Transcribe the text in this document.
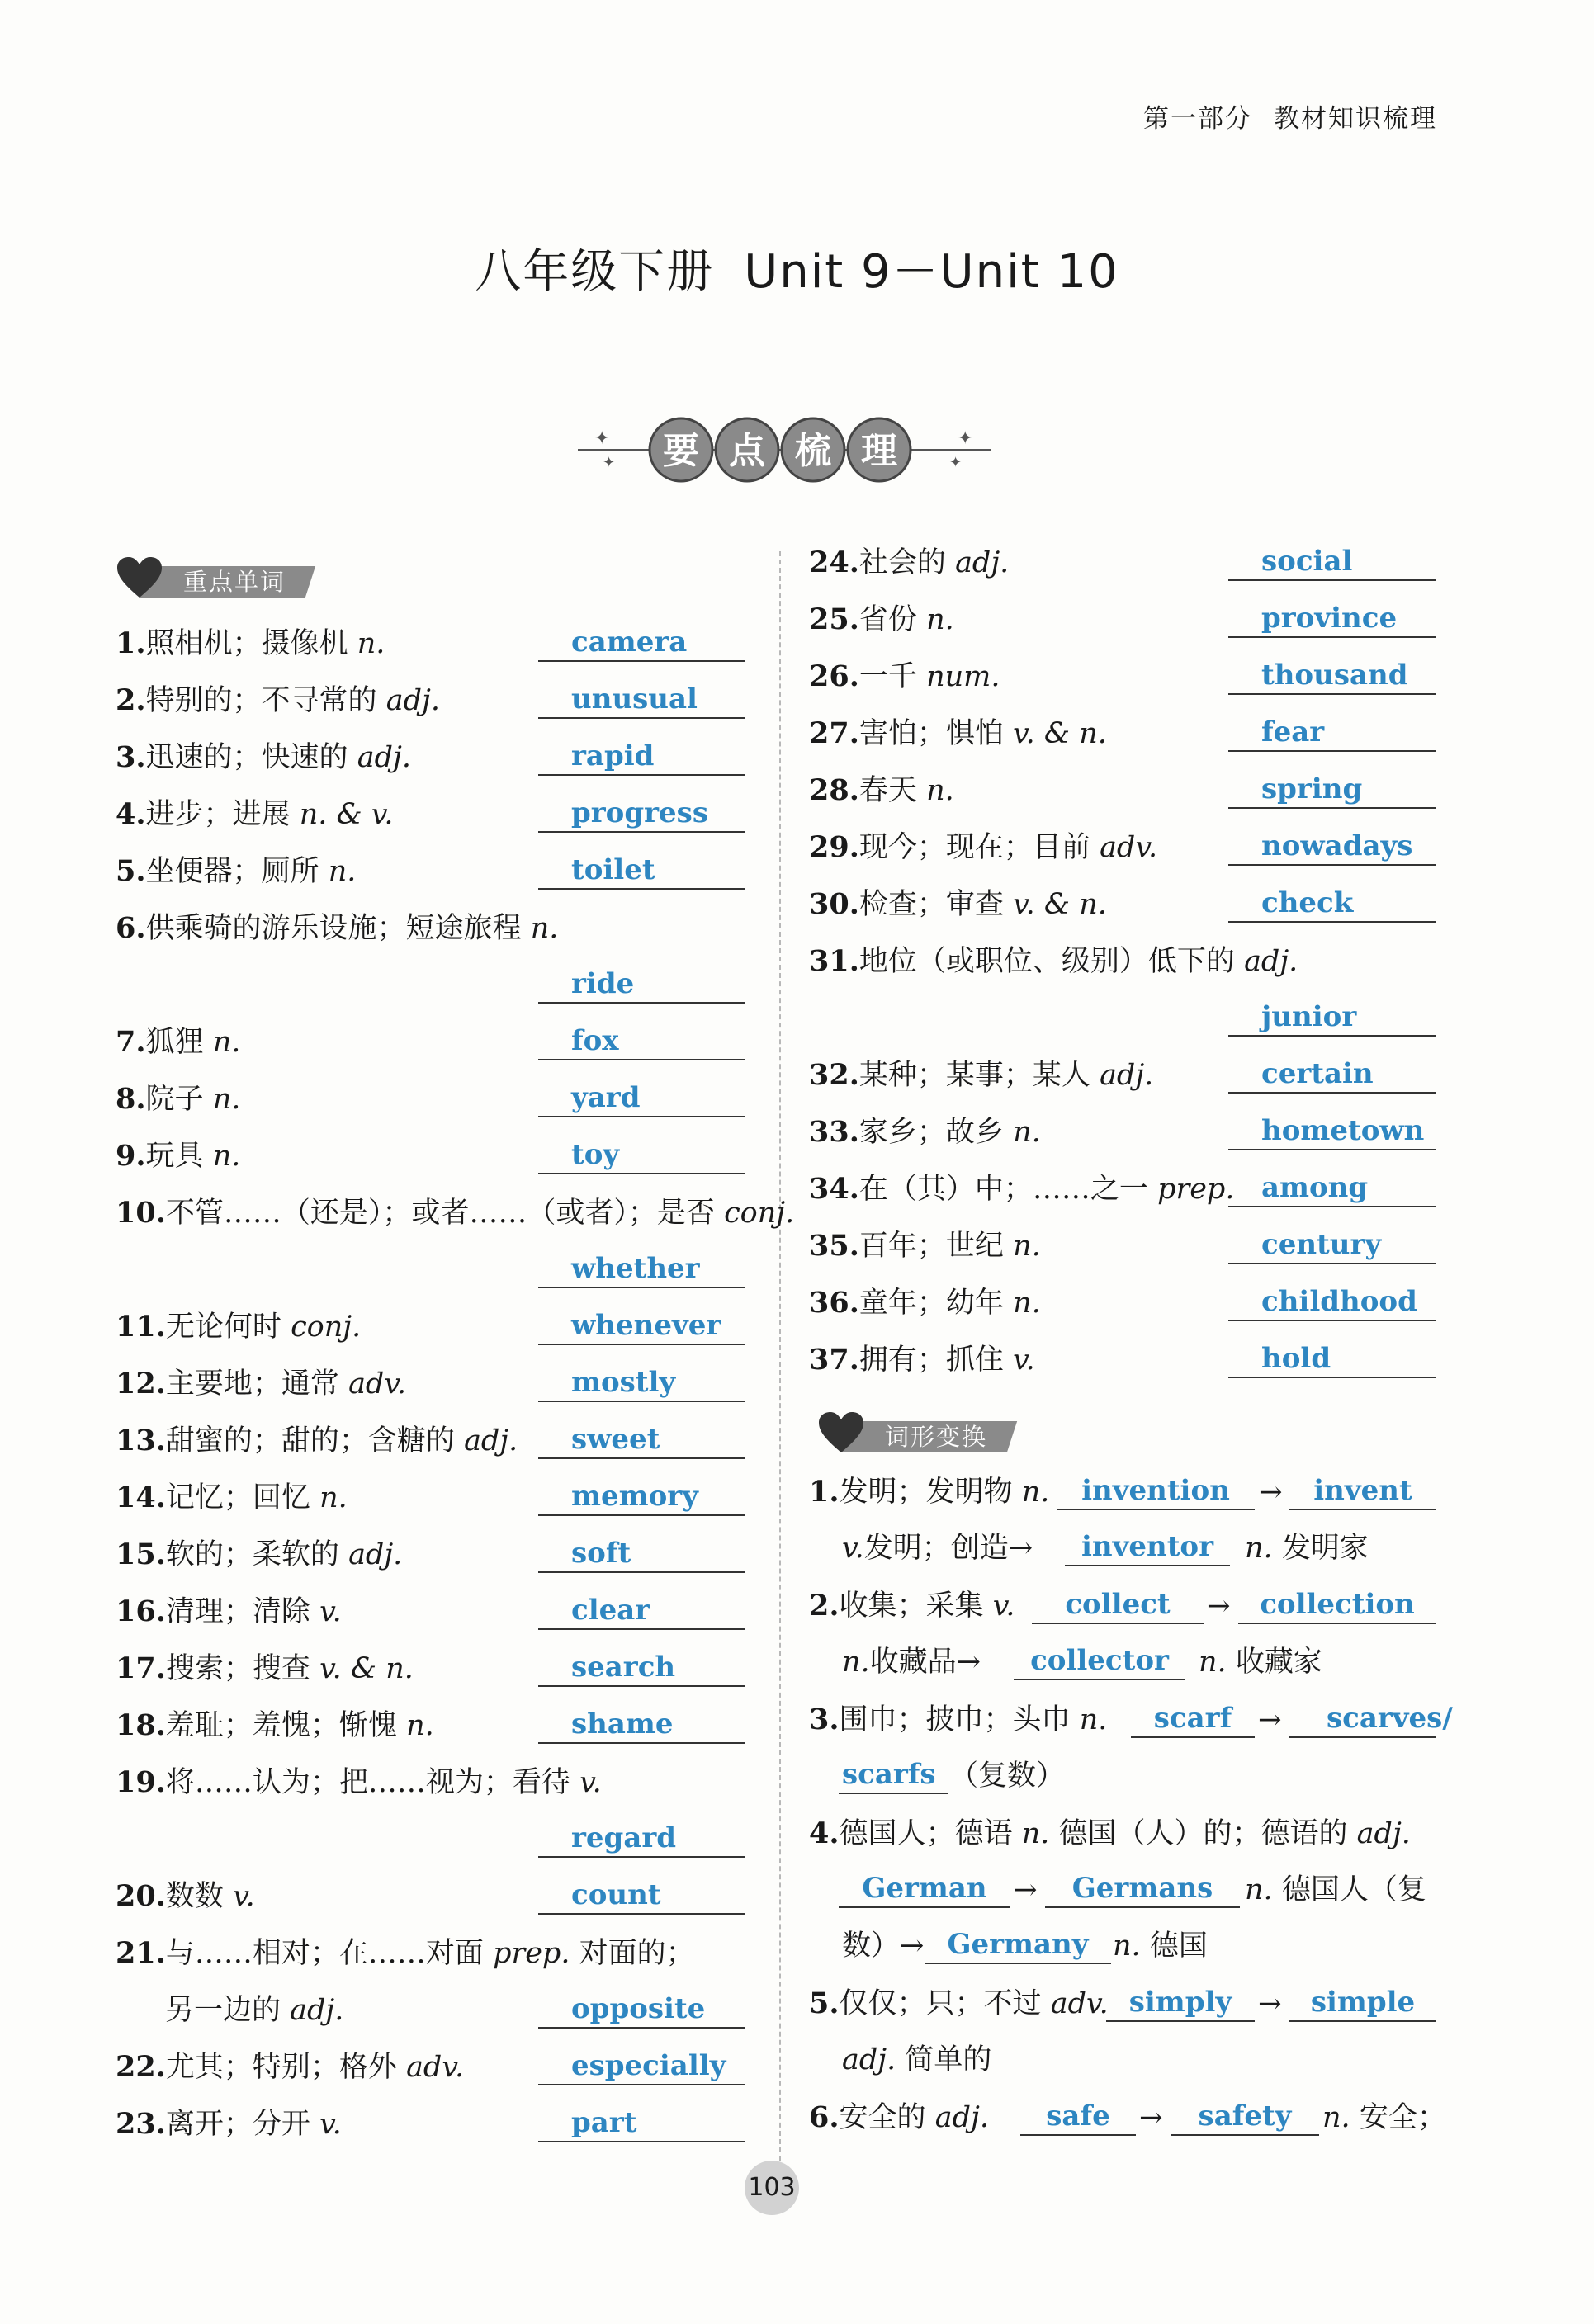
第一部分 教材知识梳理
八年级下册 Unit 9－Unit 10
✦	✦
✦	✦
要 点 梳 理
重点单词
24.社会的 adj.	social
25.省份 n.	province
26.一千 num.	thousand
27.害怕；惧怕 v. & n.	fear
28.春天 n.	spring
29.现今；现在；目前 adv.	nowadays
30.检查；审查 v. & n.	check
31.地位（或职位、级别）低下的 adj.
junior
32.某种；某事；某人 adj.	certain
33.家乡；故乡 n.	hometown
34.在（其）中；……之一 prep. among
35.百年；世纪 n.	century
36.童年；幼年 n.	childhood
37.拥有；抓住 v.	hold
词形变换
1.发明；发明物 n.	invention	→	invent
v.发明；创造→	inventor	n. 发明家
2.收集；采集 v.	collect	→	collection
n.收藏品→	collector	n. 收藏家
3.围巾；披巾；头巾 n.	scarf → scarves/
scarfs （复数）
4.德国人；德语 n. 德国（人）的；德语的 adj.
German →	Germans	n. 德国人（复
数）→ Germany n. 德国
5.仅仅；只；不过 adv. simply →	simple
adj. 简单的
6.安全的 adj.	safe	→	safety	n. 安全；
1.照相机；摄像机 n.	camera
2.特别的；不寻常的 adj.	unusual
3.迅速的；快速的 adj.	rapid
4.进步；进展 n. & v.	progress
5.坐便器；厕所 n.	toilet
6.供乘骑的游乐设施；短途旅程 n.
ride
7.狐狸 n.	fox
8.院子 n.	yard
9.玩具 n.	toy
10.不管……（还是）；或者……（或者）；是否 conj.
whether
11.无论何时 conj.	whenever
12.主要地；通常 adv.	mostly
13.甜蜜的；甜的；含糖的 adj. sweet
14.记忆；回忆 n.	memory
15.软的；柔软的 adj.	soft
16.清理；清除 v.	clear
17.搜索；搜查 v. & n.	search
18.羞耻；羞愧；惭愧 n.	shame
19.将……认为；把……视为；看待 v.
regard
20.数数 v.	count
21.与……相对；在……对面 prep. 对面的；
另一边的 adj.	opposite
22.尤其；特别；格外 adv.	especially
23.离开；分开 v.	part
103
